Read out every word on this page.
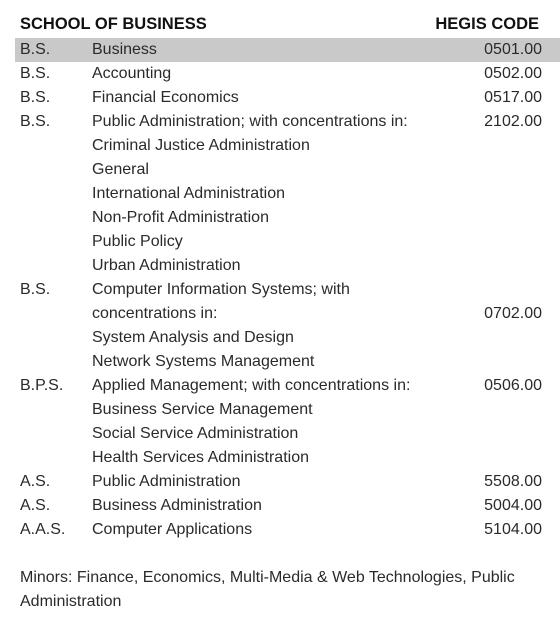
SCHOOL OF BUSINESS	HEGIS CODE
B.S.	Business	0501.00
B.S.	Accounting	0502.00
B.S.	Financial Economics	0517.00
B.S.	Public Administration; with concentrations in:	2102.00
Criminal Justice Administration
General
International Administration
Non-Profit Administration
Public Policy
Urban Administration
B.S.	Computer Information Systems; with
concentrations in:	0702.00
System Analysis and Design
Network Systems Management
B.P.S. Applied Management; with concentrations in:	0506.00
Business Service Management
Social Service Administration
Health Services Administration
A.S.	Public Administration	5508.00
A.S.	Business Administration	5004.00
A.A.S. Computer Applications	5104.00
Minors: Finance, Economics, Multi-Media & Web Technologies, Public Administration
